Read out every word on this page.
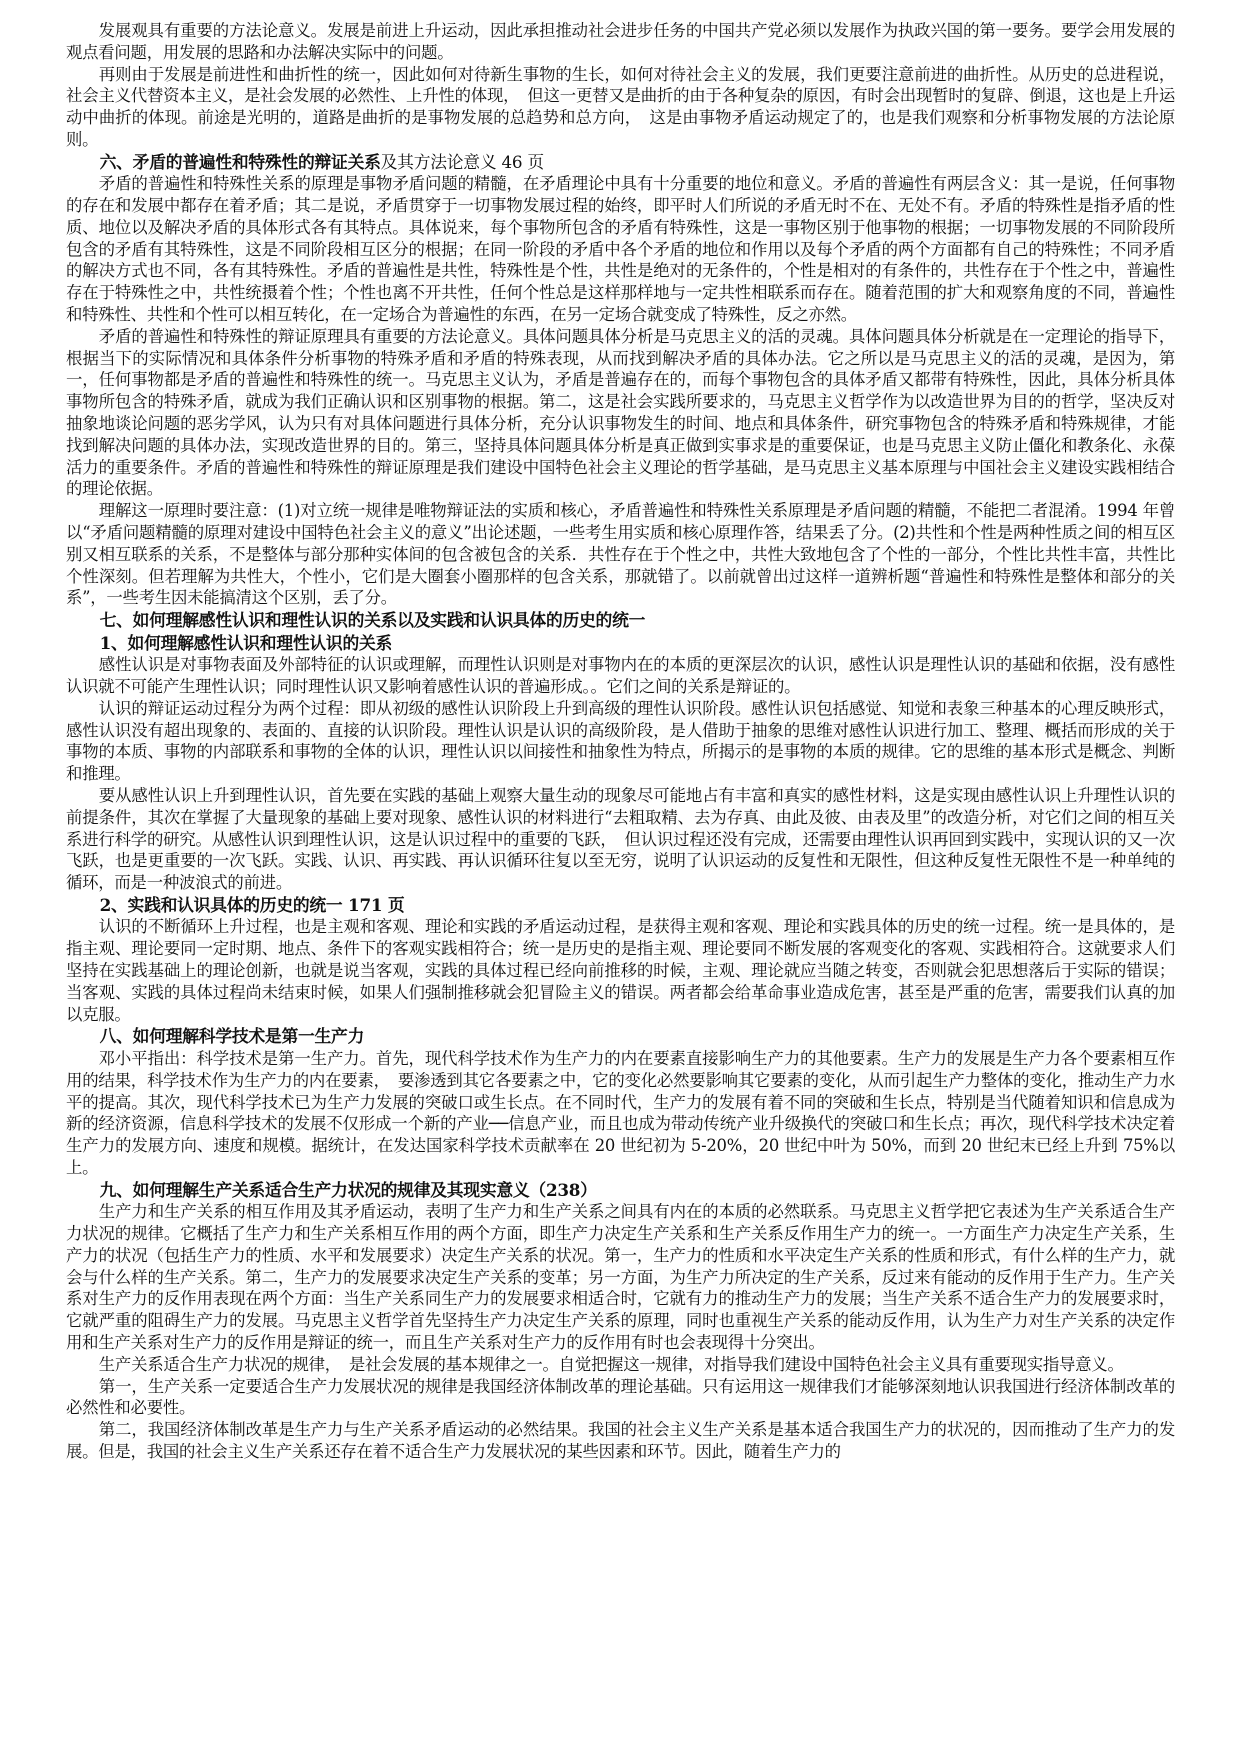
　　发展观具有重要的方法论意义。发展是前进上升运动，因此承担推动社会进步任务的中国共产党必须以发展作为执政兴国的第一要务。要学会用发展的观点看问题，用发展的思路和办法解决实际中的问题。

再则由于发展是前进性和曲折性的统一，因此如何对待新生事物的生长，如何对待社会主义的发展，我们更要注意前进的曲折性。从历史的总进程说，社会主义代替资本主义，是社会发展的必然性、上升性的体现，　但这一更替又是曲折的由于各种复杂的原因，有时会出现暂时的复辟、倒退，这也是上升运动中曲折的体现。前途是光明的，道路是曲折的是事物发展的总趋势和总方向，　这是由事物矛盾运动规定了的，也是我们观察和分析事物发展的方法论原则。

六、矛盾的普遍性和特殊性的辩证关系及其方法论意义 46 页

矛盾的普遍性和特殊性关系的原理是事物矛盾问题的精髓，在矛盾理论中具有十分重要的地位和意义。矛盾的普遍性有两层含义：其一是说，任何事物的存在和发展中都存在着矛盾；其二是说，矛盾贯穿于一切事物发展过程的始终，即平时人们所说的矛盾无时不在、无处不有。矛盾的特殊性是指矛盾的性质、地位以及解决矛盾的具体形式各有其特点。具体说来，每个事物所包含的矛盾有特殊性，这是一事物区别于他事物的根据；一切事物发展的不同阶段所包含的矛盾有其特殊性，这是不同阶段相互区分的根据；在同一阶段的矛盾中各个矛盾的地位和作用以及每个矛盾的两个方面都有自己的特殊性；不同矛盾的解决方式也不同，各有其特殊性。矛盾的普遍性是共性，特殊性是个性，共性是绝对的无条件的，个性是相对的有条件的，共性存在于个性之中，普遍性存在于特殊性之中，共性统摄着个性；个性也离不开共性，任何个性总是这样那样地与一定共性相联系而存在。随着范围的扩大和观察角度的不同，普遍性和特殊性、共性和个性可以相互转化，在一定场合为普遍性的东西，在另一定场合就变成了特殊性，反之亦然。

矛盾的普遍性和特殊性的辩证原理具有重要的方法论意义。具体问题具体分析是马克思主义的活的灵魂。具体问题具体分析就是在一定理论的指导下，根据当下的实际情况和具体条件分析事物的特殊矛盾和矛盾的特殊表现，从而找到解决矛盾的具体办法。它之所以是马克思主义的活的灵魂，是因为，第一，任何事物都是矛盾的普遍性和特殊性的统一。马克思主义认为，矛盾是普遍存在的，而每个事物包含的具体矛盾又都带有特殊性，因此，具体分析具体事物所包含的特殊矛盾，就成为我们正确认识和区别事物的根据。第二，这是社会实践所要求的，马克思主义哲学作为以改造世界为目的的哲学，坚决反对抽象地谈论问题的恶劣学风，认为只有对具体问题进行具体分析，充分认识事物发生的时间、地点和具体条件，研究事物包含的特殊矛盾和特殊规律，才能找到解决问题的具体办法，实现改造世界的目的。第三，坚持具体问题具体分析是真正做到实事求是的重要保证，也是马克思主义防止僵化和教条化、永葆活力的重要条件。矛盾的普遍性和特殊性的辩证原理是我们建设中国特色社会主义理论的哲学基础，是马克思主义基本原理与中国社会主义建设实践相结合的理论依据。

理解这一原理时要注意：(1)对立统一规律是唯物辩证法的实质和核心，矛盾普遍性和特殊性关系原理是矛盾问题的精髓，不能把二者混淆。1994 年曾以“矛盾问题精髓的原理对建设中国特色社会主义的意义”出论述题，一些考生用实质和核心原理作答，结果丢了分。(2)共性和个性是两种性质之间的相互区别又相互联系的关系，不是整体与部分那种实体间的包含被包含的关系．共性存在于个性之中，共性大致地包含了个性的一部分，个性比共性丰富，共性比个性深刻。但若理解为共性大，个性小，它们是大圈套小圈那样的包含关系，那就错了。以前就曾出过这样一道辨析题“普遍性和特殊性是整体和部分的关系”，一些考生因未能搞清这个区别，丢了分。

七、如何理解感性认识和理性认识的关系以及实践和认识具体的历史的统一
1、如何理解感性认识和理性认识的关系

感性认识是对事物表面及外部特征的认识或理解，而理性认识则是对事物内在的本质的更深层次的认识，感性认识是理性认识的基础和依据，没有感性认识就不可能产生理性认识；同时理性认识又影响着感性认识的普遍形成。。它们之间的关系是辩证的。

认识的辩证运动过程分为两个过程：即从初级的感性认识阶段上升到高级的理性认识阶段。感性认识包括感觉、知觉和表象三种基本的心理反映形式，感性认识没有超出现象的、表面的、直接的认识阶段。理性认识是认识的高级阶段，是人借助于抽象的思维对感性认识进行加工、整理、概括而形成的关于事物的本质、事物的内部联系和事物的全体的认识，理性认识以间接性和抽象性为特点，所揭示的是事物的本质的规律。它的思维的基本形式是概念、判断和推理。

要从感性认识上升到理性认识，首先要在实践的基础上观察大量生动的现象尽可能地占有丰富和真实的感性材料，这是实现由感性认识上升理性认识的前提条件，其次在掌握了大量现象的基础上要对现象、感性认识的材料进行“去粗取精、去为存真、由此及彼、由表及里”的改造分析，对它们之间的相互关系进行科学的研究。从感性认识到理性认识，这是认识过程中的重要的飞跃，　但认识过程还没有完成，还需要由理性认识再回到实践中，实现认识的又一次飞跃，也是更重要的一次飞跃。实践、认识、再实践、再认识循环往复以至无穷，说明了认识运动的反复性和无限性，但这种反复性无限性不是一种单纯的循环，而是一种波浪式的前进。

2、实践和认识具体的历史的统一 171 页

认识的不断循环上升过程，也是主观和客观、理论和实践的矛盾运动过程，是获得主观和客观、理论和实践具体的历史的统一过程。统一是具体的，是指主观、理论要同一定时期、地点、条件下的客观实践相符合；统一是历史的是指主观、理论要同不断发展的客观变化的客观、实践相符合。这就要求人们坚持在实践基础上的理论创新，也就是说当客观，实践的具体过程已经向前推移的时候，主观、理论就应当随之转变，否则就会犯思想落后于实际的错误；当客观、实践的具体过程尚未结束时候，如果人们强制推移就会犯冒险主义的错误。两者都会给革命事业造成危害，甚至是严重的危害，需要我们认真的加以克服。

八、如何理解科学技术是第一生产力

　　邓小平指出：科学技术是第一生产力。首先，现代科学技术作为生产力的内在要素直接影响生产力的其他要素。生产力的发展是生产力各个要素相互作用的结果，科学技术作为生产力的内在要素，　要渗透到其它各要素之中，它的变化必然要影响其它要素的变化，从而引起生产力整体的变化，推动生产力水平的提高。其次，现代科学技术已为生产力发展的突破口或生长点。在不同时代，生产力的发展有着不同的突破和生长点，特别是当代随着知识和信息成为新的经济资源，信息科学技术的发展不仅形成一个新的产业──信息产业，而且也成为带动传统产业升级换代的突破口和生长点；再次，现代科学技术决定着生产力的发展方向、速度和规模。据统计，在发达国家科学技术贡献率在 20 世纪初为 5-20%，20 世纪中叶为 50%，而到 20 世纪末已经上升到 75%以上。

九、如何理解生产关系适合生产力状况的规律及其现实意义（238）

生产力和生产关系的相互作用及其矛盾运动，表明了生产力和生产关系之间具有内在的本质的必然联系。马克思主义哲学把它表述为生产关系适合生产力状况的规律。它概括了生产力和生产关系相互作用的两个方面，即生产力决定生产关系和生产关系反作用生产力的统一。一方面生产力决定生产关系，生产力的状况（包括生产力的性质、水平和发展要求）决定生产关系的状况。第一，生产力的性质和水平决定生产关系的性质和形式，有什么样的生产力，就会与什么样的生产关系。第二，生产力的发展要求决定生产关系的变革；另一方面，为生产力所决定的生产关系，反过来有能动的反作用于生产力。生产关系对生产力的反作用表现在两个方面：当生产关系同生产力的发展要求相适合时，它就有力的推动生产力的发展；当生产关系不适合生产力的发展要求时，它就严重的阻碍生产力的发展。马克思主义哲学首先坚持生产力决定生产关系的原理，同时也重视生产关系的能动反作用，认为生产力对生产关系的决定作用和生产关系对生产力的反作用是辩证的统一，而且生产关系对生产力的反作用有时也会表现得十分突出。

生产关系适合生产力状况的规律，　是社会发展的基本规律之一。自觉把握这一规律，对指导我们建设中国特色社会主义具有重要现实指导意义。

第一，生产关系一定要适合生产力发展状况的规律是我国经济体制改革的理论基础。只有运用这一规律我们才能够深刻地认识我国进行经济体制改革的必然性和必要性。

第二，我国经济体制改革是生产力与生产关系矛盾运动的必然结果。我国的社会主义生产关系是基本适合我国生产力的状况的，因而推动了生产力的发展。但是，我国的社会主义生产关系还存在着不适合生产力发展状况的某些因素和环节。因此，随着生产力的
